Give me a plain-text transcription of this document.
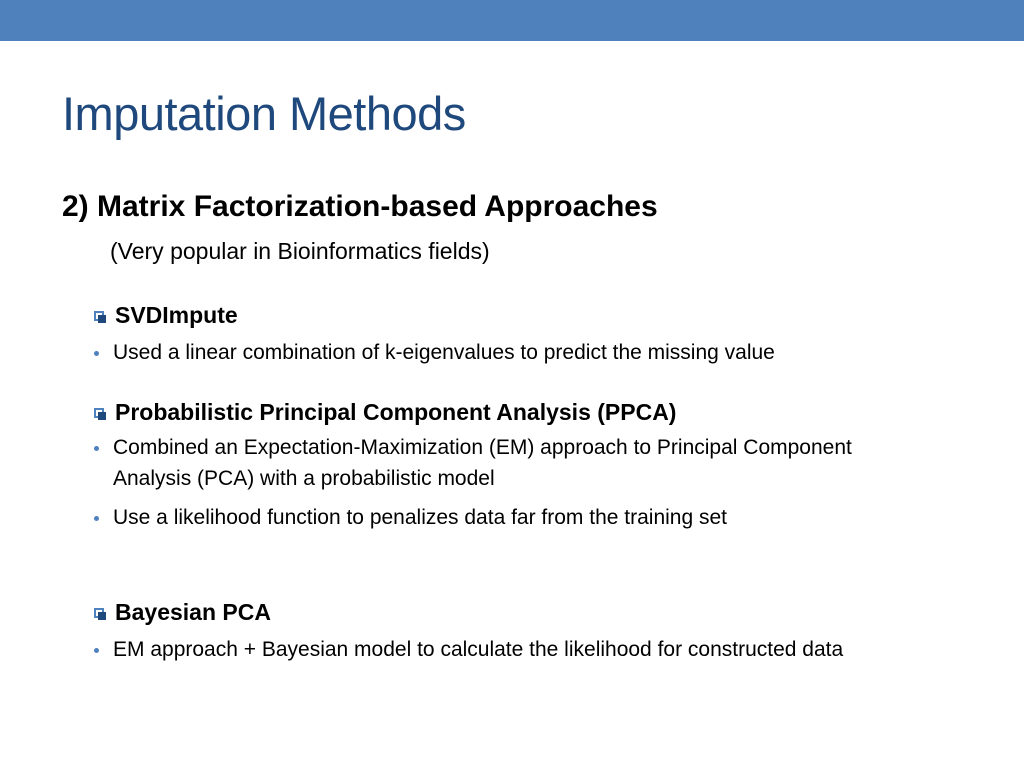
Imputation Methods
2) Matrix Factorization-based Approaches
(Very popular in Bioinformatics fields)
SVDImpute
Used a linear combination of k-eigenvalues to predict the missing value
Probabilistic Principal Component Analysis (PPCA)
Combined an Expectation-Maximization (EM) approach to Principal Component Analysis (PCA) with a probabilistic model
Use a likelihood function to penalizes data far from the training set
Bayesian PCA
EM approach + Bayesian model to calculate the likelihood for constructed data
